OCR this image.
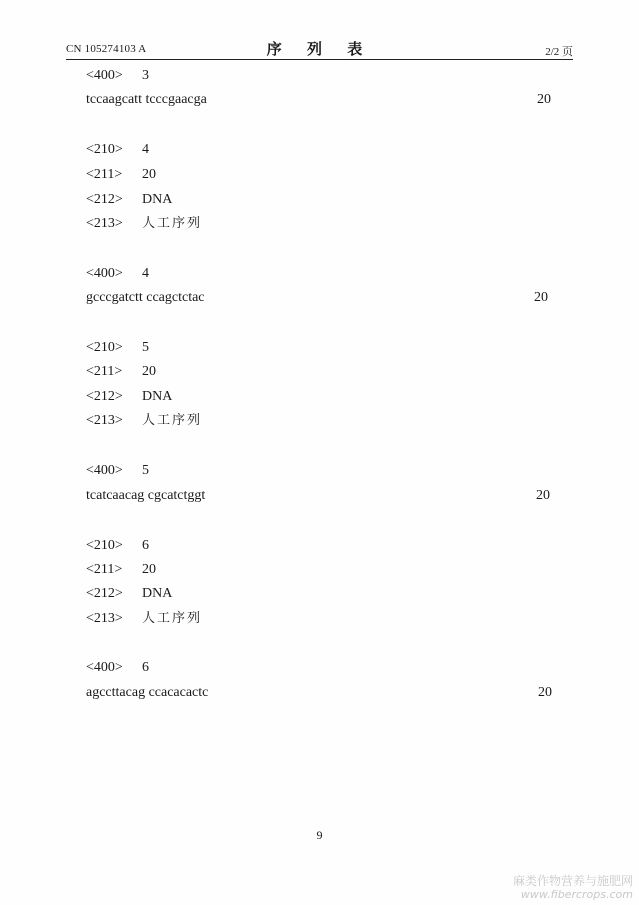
CN 105274103 A	序 列 表	2/2 页
<400> 3
tccaagcatt tcccgaacga	20
<210> 4
<211> 20
<212> DNA
<213> 人工序列
<400> 4
gcccgatctt ccagctctac	20
<210> 5
<211> 20
<212> DNA
<213> 人工序列
<400> 5
tcatcaacag cgcatctggt	20
<210> 6
<211> 20
<212> DNA
<213> 人工序列
<400> 6
agccttacag ccacacactc	20
9
麻类作物营养与施肥网
www.fibercrops.com
